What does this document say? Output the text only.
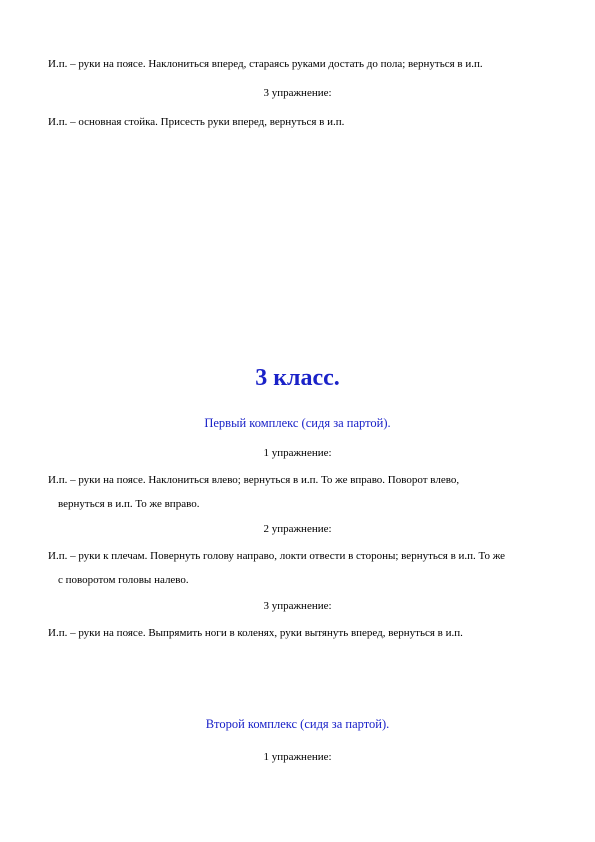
И.п. – руки на поясе. Наклониться вперед, стараясь руками достать до пола; вернуться в и.п.
3 упражнение:
И.п. – основная стойка. Присесть руки вперед, вернуться в и.п.
3 класс.
Первый комплекс (сидя за партой).
1 упражнение:
И.п. – руки на поясе. Наклониться влево; вернуться в и.п. То же вправо. Поворот влево,
вернуться в и.п. То же вправо.
2 упражнение:
И.п. – руки к плечам. Повернуть голову направо, локти отвести в стороны; вернуться в и.п. То же
с поворотом головы налево.
3 упражнение:
И.п. – руки на поясе. Выпрямить ноги в коленях, руки вытянуть вперед, вернуться в и.п.
Второй комплекс (сидя за партой).
1 упражнение:
